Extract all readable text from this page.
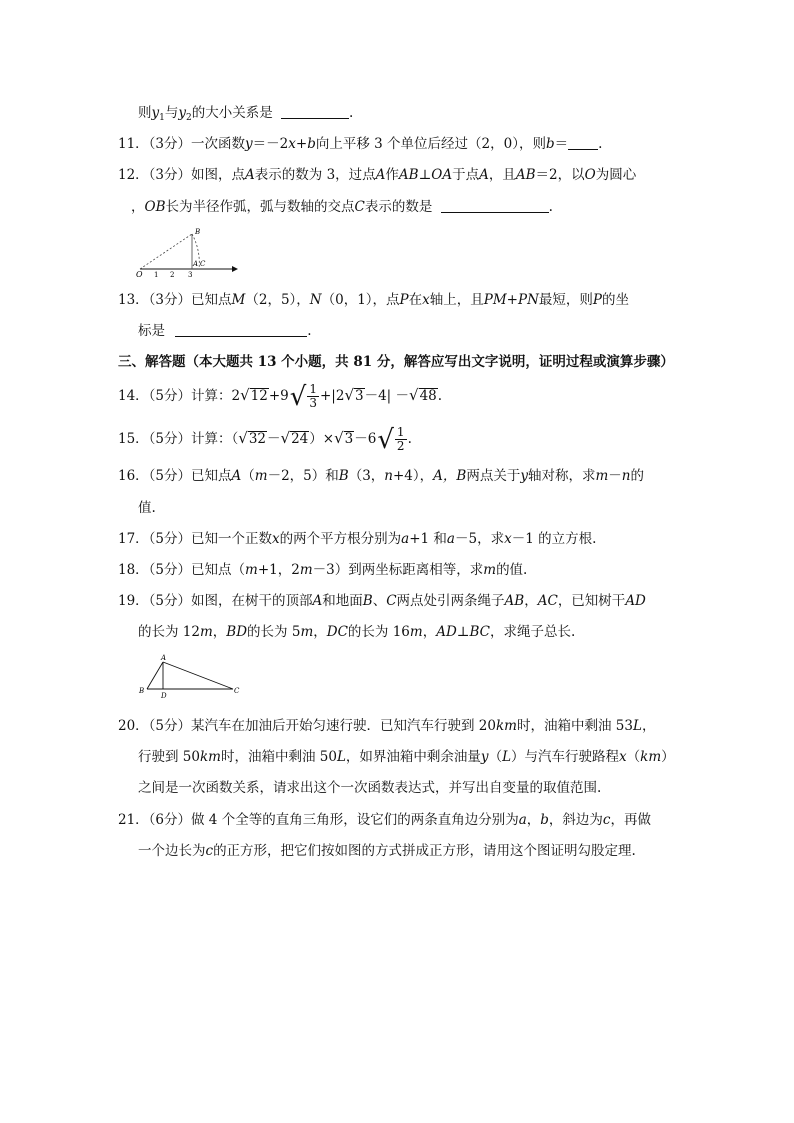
则$y_1$与$y_2$的大小关系是	.
11．（3分）一次函数y＝－2x+b向上平移 3 个单位后经过（2，0），则b＝ .
12．（3分）如图，点A表示的数为 3，过点A作AB⊥OA于点A，且AB＝2，以O为圆心
，OB长为半径作弧，弧与数轴的交点C表示的数是	.
O 1 2 3
A
B
C
13．（3分）已知点M（2，5），N（0，1），点P在x轴上，且PM+PN最短，则P的坐
标是	.
三、解答题（本大题共 13 个小题，共 81 分，解答应写出文字说明，证明过程或演算步骤）
14．（5分）计算：$2√12+9√ \frac{1}{3} +|2√3-4| -√48$.
15．（5分）计算：$(√32-√24)\times√3-6√ \frac{1}{2}$ .
16．（5分）已知点A（m－2，5）和B（3，n+4），A，B两点关于y轴对称，求m－n的
值.
17．（5分）已知一个正数x的两个平方根分别为a+1 和a－5，求x－1 的立方根.
18．（5分）已知点（m+1，2m－3）到两坐标距离相等，求m的值.
19．（5分）如图，在树干的顶部A和地面B、C两点处引两条绳子AB，AC，已知树干AD
的长为 12m，BD的长为 5m，DC的长为 16m，AD⊥BC，求绳子总长.
A
B
D
C
20．（5分）某汽车在加油后开始匀速行驶．已知汽车行驶到 20km时，油箱中剩油 53L，
行驶到 50km时，油箱中剩油 50L，如界油箱中剩余油量y（L）与汽车行驶路程x（km）
之间是一次函数关系，请求出这个一次函数表达式，并写出自变量的取值范围.
21．（6分）做 4 个全等的直角三角形，设它们的两条直角边分别为a，b，斜边为c，再做
一个边长为c的正方形，把它们按如图的方式拼成正方形，请用这个图证明勾股定理.
